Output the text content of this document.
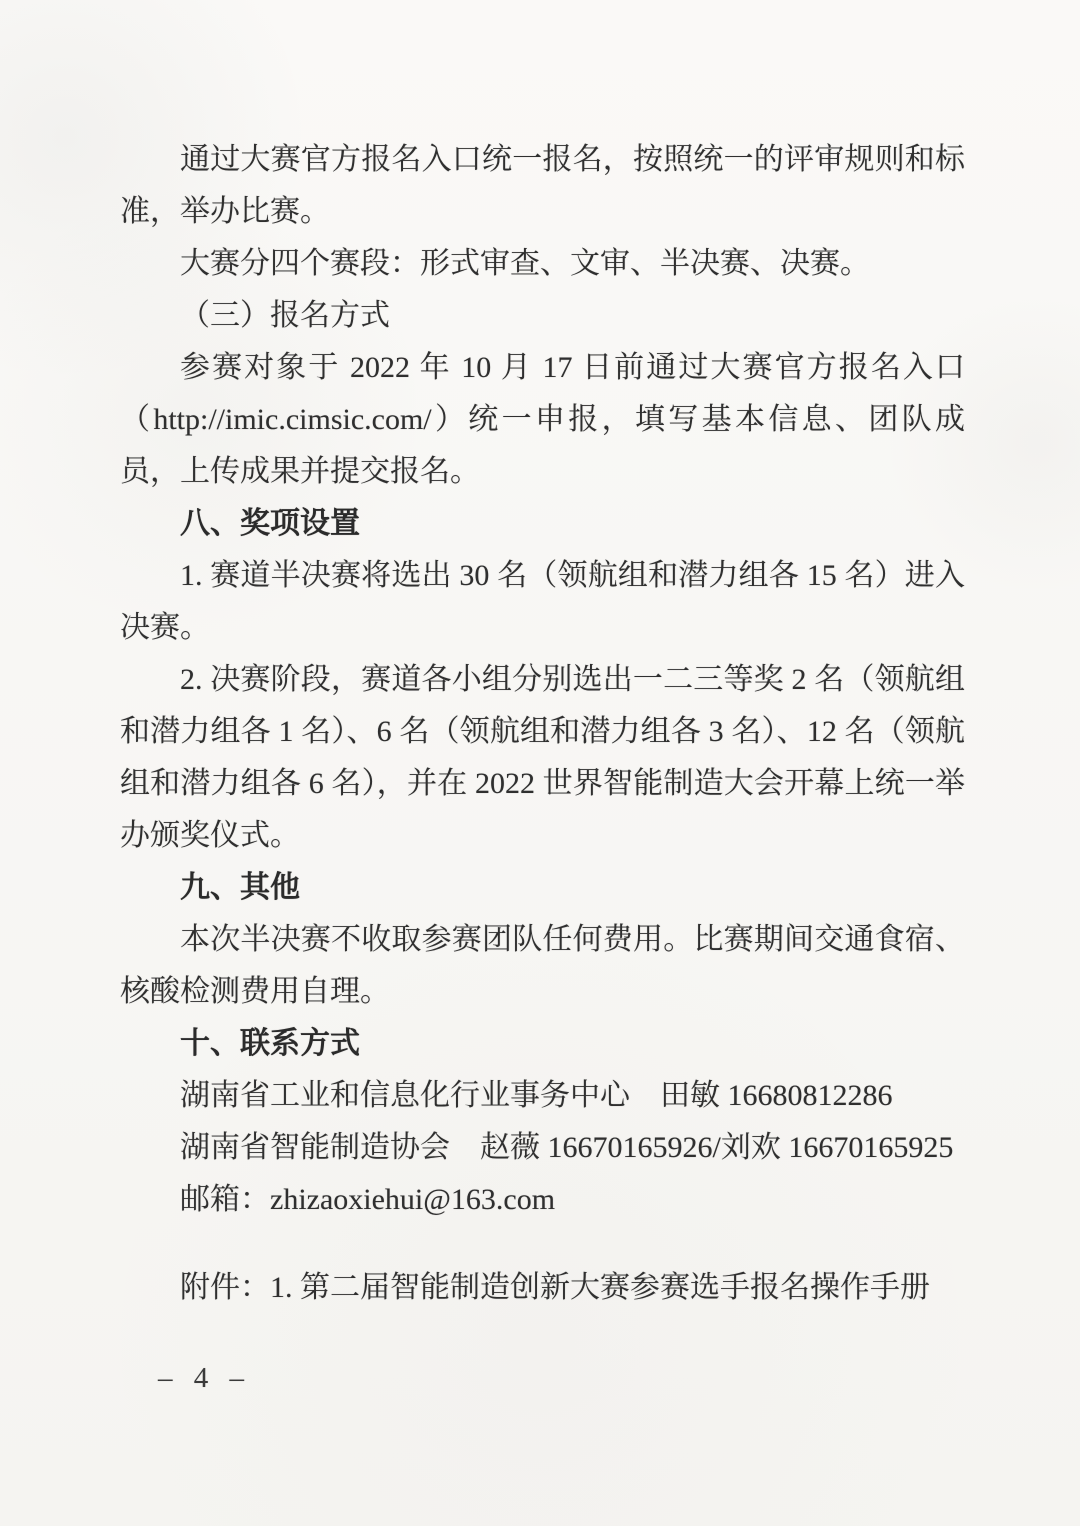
通过大赛官方报名入口统一报名，按照统一的评审规则和标准，举办比赛。
大赛分四个赛段：形式审查、文审、半决赛、决赛。
（三）报名方式
参赛对象于 2022 年 10 月 17 日前通过大赛官方报名入口（http://imic.cimsic.com/）统一申报，填写基本信息、团队成员，上传成果并提交报名。
八、奖项设置
1. 赛道半决赛将选出 30 名（领航组和潜力组各 15 名）进入决赛。
2. 决赛阶段，赛道各小组分别选出一二三等奖 2 名（领航组和潜力组各 1 名）、6 名（领航组和潜力组各 3 名）、12 名（领航组和潜力组各 6 名），并在 2022 世界智能制造大会开幕上统一举办颁奖仪式。
九、其他
本次半决赛不收取参赛团队任何费用。比赛期间交通食宿、核酸检测费用自理。
十、联系方式
湖南省工业和信息化行业事务中心　田敏 16680812286
湖南省智能制造协会　赵薇 16670165926/刘欢 16670165925
邮箱：zhizaoxiehui@163.com
附件：1. 第二届智能制造创新大赛参赛选手报名操作手册
– 4 –
